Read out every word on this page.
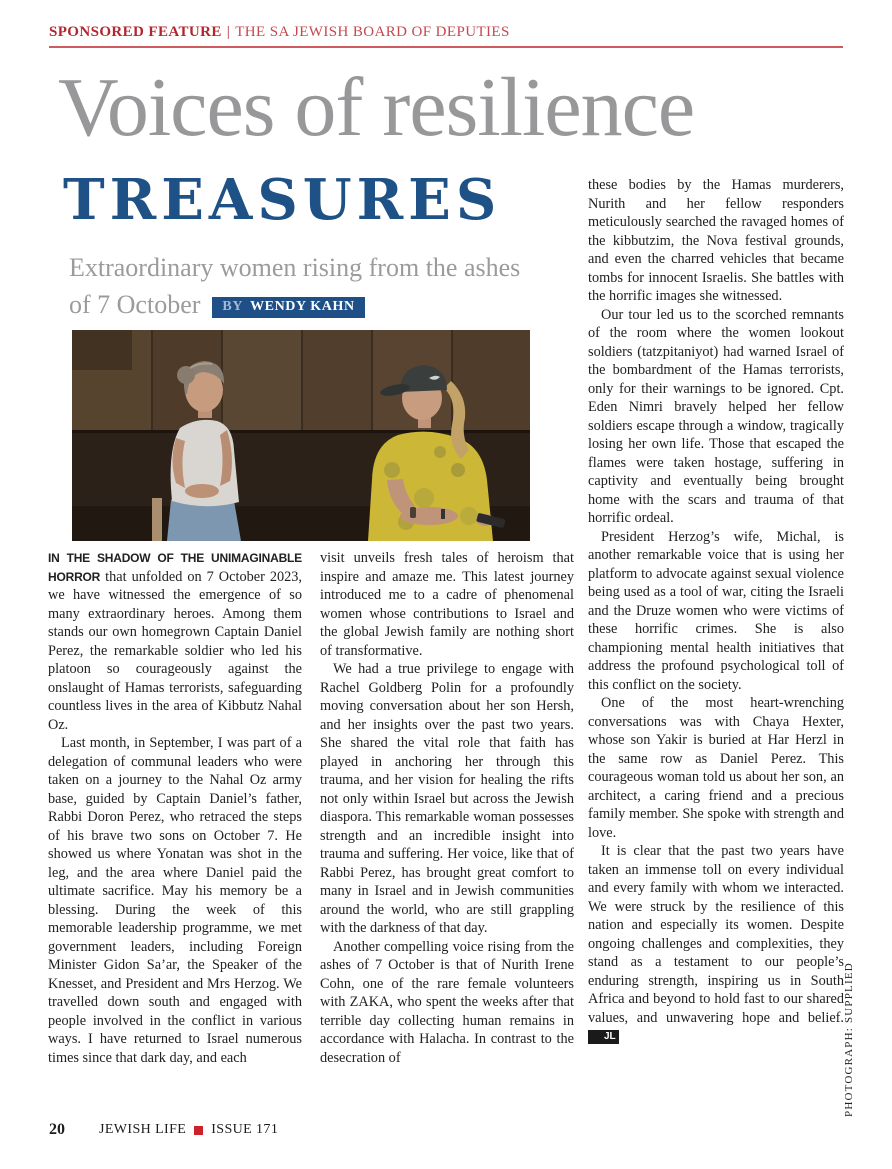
SPONSORED FEATURE | THE SA JEWISH BOARD OF DEPUTIES
Voices of resilience
TREASURES
Extraordinary women rising from the ashes
of 7 October BY WENDY KAHN

IN THE SHADOW OF THE UNIMAGINABLE HORROR that unfolded on 7 October 2023, we have witnessed the emergence of so many extraordinary heroes. Among them stands our own homegrown Captain Daniel Perez, the remarkable soldier who led his platoon so courageously against the onslaught of Hamas terrorists, safeguarding countless lives in the area of Kibbutz Nahal Oz.

Last month, in September, I was part of a delegation of communal leaders who were taken on a journey to the Nahal Oz army base, guided by Captain Daniel’s father, Rabbi Doron Perez, who retraced the steps of his brave two sons on October 7. He showed us where Yonatan was shot in the leg, and the area where Daniel paid the ultimate sacrifice. May his memory be a blessing. During the week of this memorable leadership programme, we met government leaders, including Foreign Minister Gidon Sa’ar, the Speaker of the Knesset, and President and Mrs Herzog. We travelled down south and engaged with people involved in the conflict in various ways. I have returned to Israel numerous times since that dark day, and each

visit unveils fresh tales of heroism that inspire and amaze me. This latest journey introduced me to a cadre of phenomenal women whose contributions to Israel and the global Jewish family are nothing short of transformative.

We had a true privilege to engage with Rachel Goldberg Polin for a profoundly moving conversation about her son Hersh, and her insights over the past two years. She shared the vital role that faith has played in anchoring her through this trauma, and her vision for healing the rifts not only within Israel but across the Jewish diaspora. This remarkable woman possesses strength and an incredible insight into trauma and suffering. Her voice, like that of Rabbi Perez, has brought great comfort to many in Israel and in Jewish communities around the world, who are still grappling with the darkness of that day.

Another compelling voice rising from the ashes of 7 October is that of Nurith Irene Cohn, one of the rare female volunteers with ZAKA, who spent the weeks after that terrible day collecting human remains in accordance with Halacha. In contrast to the desecration of

these bodies by the Hamas murderers, Nurith and her fellow responders meticulously searched the ravaged homes of the kibbutzim, the Nova festival grounds, and even the charred vehicles that became tombs for innocent Israelis. She battles with the horrific images she witnessed.

Our tour led us to the scorched remnants of the room where the women lookout soldiers (tatzpitaniyot) had warned Israel of the bombardment of the Hamas terrorists, only for their warnings to be ignored. Cpt. Eden Nimri bravely helped her fellow soldiers escape through a window, tragically losing her own life. Those that escaped the flames were taken hostage, suffering in captivity and eventually being brought home with the scars and trauma of that horrific ordeal.

President Herzog’s wife, Michal, is another remarkable voice that is using her platform to advocate against sexual violence being used as a tool of war, citing the Israeli and the Druze women who were victims of these horrific crimes. She is also championing mental health initiatives that address the profound psychological toll of this conflict on the society.

One of the most heart-wrenching conversations was with Chaya Hexter, whose son Yakir is buried at Har Herzl in the same row as Daniel Perez. This courageous woman told us about her son, an architect, a caring friend and a precious family member. She spoke with strength and love.

It is clear that the past two years have taken an immense toll on every individual and every family with whom we interacted. We were struck by the resilience of this nation and especially its women. Despite ongoing challenges and complexities, they stand as a testament to our people’s enduring strength, inspiring us in South Africa and beyond to hold fast to our shared values, and unwavering hope and belief. JL	PHOTOGRAPH: SUPPLIED
20 JEWISH LIFE ISSUE 171
